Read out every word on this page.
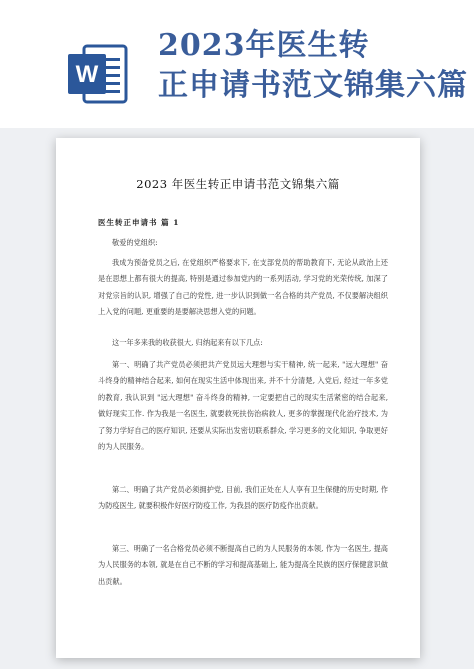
W
2023年医生转
正申请书范文锦集六篇
2023 年医生转正申请书范文锦集六篇
医生转正申请书 篇 1
敬爱的党组织:
我成为预备党员之后, 在党组织严格要求下, 在支部党员的帮助教育下, 无论从政治上还是在思想上都有很大的提高, 特别是通过参加党内的一系列活动, 学习党的光荣传统, 加深了对党宗旨的认识, 增强了自己的党性, 进一步认识到做一名合格的共产党员, 不仅要解决组织上入党的问题, 更重要的是要解决思想入党的问题。
这一年多来我的收获很大, 归纳起来有以下几点:
第一、明确了共产党员必须把共产党员远大理想与实干精神, 统一起来, "远大理想" 奋斗终身的精神结合起来, 如何在现实生活中体现出来, 并不十分清楚, 入党后, 经过一年多党的教育, 我认识到 "远大理想" 奋斗终身的精神, 一定要把自己的现实生活紧密的结合起来, 做好现实工作. 作为我是一名医生, 就要救死扶伤治病救人, 更多的掌握现代化治疗技术, 为了努力学好自己的医疗知识, 还要从实际出发密切联系群众, 学习更多的文化知识, 争取更好的为人民服务。
第二、明确了共产党员必须拥护党, 目前, 我们正处在人人享有卫生保健的历史时期, 作为防疫医生, 就要积极作好医疗防疫工作, 为我县的医疗防疫作出贡献。
第三、明确了一名合格党员必须不断提高自己的为人民服务的本领, 作为一名医生, 提高为人民服务的本领, 就是在自己不断的学习和提高基础上, 能为提高全民族的医疗保健意识做出贡献。
